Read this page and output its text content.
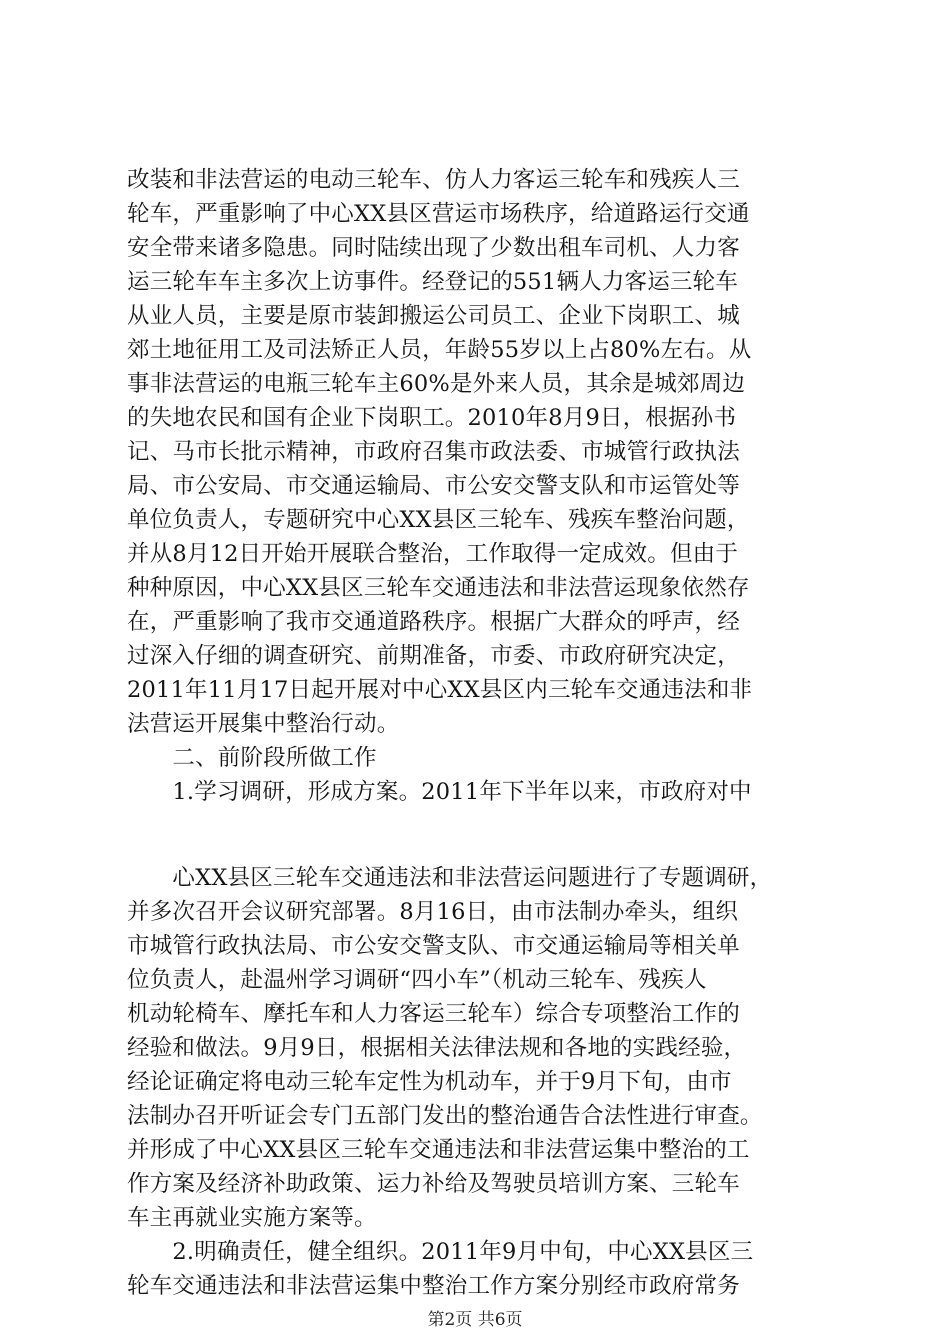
改装和非法营运的电动三轮车、仿人力客运三轮车和残疾人三
轮车，严重影响了中心XX县区营运市场秩序，给道路运行交通
安全带来诸多隐患。同时陆续出现了少数出租车司机、人力客
运三轮车车主多次上访事件。经登记的551辆人力客运三轮车
从业人员，主要是原市装卸搬运公司员工、企业下岗职工、城
郊土地征用工及司法矫正人员，年龄55岁以上占80%左右。从
事非法营运的电瓶三轮车主60%是外来人员，其余是城郊周边
的失地农民和国有企业下岗职工。2010年8月9日，根据孙书
记、马市长批示精神，市政府召集市政法委、市城管行政执法
局、市公安局、市交通运输局、市公安交警支队和市运管处等
单位负责人，专题研究中心XX县区三轮车、残疾车整治问题，
并从8月12日开始开展联合整治，工作取得一定成效。但由于
种种原因，中心XX县区三轮车交通违法和非法营运现象依然存
在，严重影响了我市交通道路秩序。根据广大群众的呼声，经
过深入仔细的调查研究、前期准备，市委、市政府研究决定，
2011年11月17日起开展对中心XX县区内三轮车交通违法和非
法营运开展集中整治行动。
　　二、前阶段所做工作
　　1.学习调研，形成方案。2011年下半年以来，市政府对中
　　心XX县区三轮车交通违法和非法营运问题进行了专题调研，
并多次召开会议研究部署。8月16日，由市法制办牵头，组织
市城管行政执法局、市公安交警支队、市交通运输局等相关单
位负责人，赴温州学习调研“四小车”（机动三轮车、残疾人
机动轮椅车、摩托车和人力客运三轮车）综合专项整治工作的
经验和做法。9月9日，根据相关法律法规和各地的实践经验，
经论证确定将电动三轮车定性为机动车，并于9月下旬，由市
法制办召开听证会专门五部门发出的整治通告合法性进行审查。
并形成了中心XX县区三轮车交通违法和非法营运集中整治的工
作方案及经济补助政策、运力补给及驾驶员培训方案、三轮车
车主再就业实施方案等。
　　2.明确责任，健全组织。2011年9月中旬，中心XX县区三
轮车交通违法和非法营运集中整治工作方案分别经市政府常务
第2页 共6页
